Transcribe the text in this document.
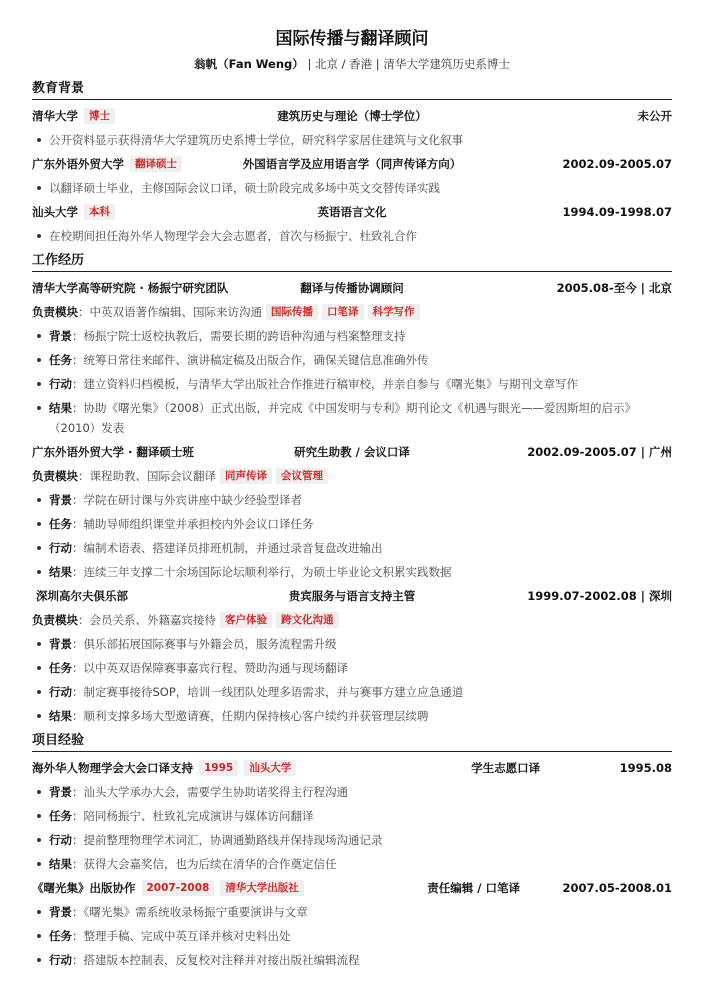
国际传播与翻译顾问
翁帆（Fan Weng） | 北京 / 香港 | 清华大学建筑历史系博士
教育背景
清华大学 博士	建筑历史与理论（博士学位）	未公开
公开资料显示获得清华大学建筑历史系博士学位，研究科学家居住建筑与文化叙事
广东外语外贸大学 翻译硕士	外国语言学及应用语言学（同声传译方向）	2002.09-2005.07
以翻译硕士毕业，主修国际会议口译，硕士阶段完成多场中英文交替传译实践
汕头大学 本科	英语语言文化	1994.09-1998.07
在校期间担任海外华人物理学会大会志愿者，首次与杨振宁、杜致礼合作
工作经历
清华大学高等研究院 · 杨振宁研究团队	翻译与传播协调顾问	2005.08-至今 | 北京
负责模块：中英双语著作编辑、国际来访沟通 国际传播 口笔译 科学写作
背景：杨振宁院士返校执教后，需要长期的跨语种沟通与档案整理支持
任务：统筹日常往来邮件、演讲稿定稿及出版合作，确保关键信息准确外传
行动：建立资料归档模板，与清华大学出版社合作推进行稿审校，并亲自参与《曙光集》与期刊文章写作
结果：协助《曙光集》（2008）正式出版，并完成《中国发明与专利》期刊论文《机遇与眼光——爱因斯坦的启示》（2010）发表
广东外语外贸大学 · 翻译硕士班	研究生助教 / 会议口译	2002.09-2005.07 | 广州
负责模块：课程助教、国际会议翻译 同声传译 会议管理
背景：学院在研讨课与外宾讲座中缺少经验型译者
任务：辅助导师组织课堂并承担校内外会议口译任务
行动：编制术语表、搭建译员排班机制，并通过录音复盘改进输出
结果：连续三年支撑二十余场国际论坛顺利举行，为硕士毕业论文积累实践数据
深圳高尔夫俱乐部	贵宾服务与语言支持主管	1999.07-2002.08 | 深圳
负责模块：会员关系、外籍嘉宾接待 客户体验 跨文化沟通
背景：俱乐部拓展国际赛事与外籍会员，服务流程需升级
任务：以中英双语保障赛事嘉宾行程、赞助沟通与现场翻译
行动：制定赛事接待SOP，培训一线团队处理多语需求，并与赛事方建立应急通道
结果：顺利支撑多场大型邀请赛，任期内保持核心客户续约并获管理层续聘
项目经验
海外华人物理学会大会口译支持 1995 汕头大学	学生志愿口译	1995.08
背景：汕头大学承办大会，需要学生协助诺奖得主行程沟通
任务：陪同杨振宁、杜致礼完成演讲与媒体访问翻译
行动：提前整理物理学术词汇，协调通勤路线并保持现场沟通记录
结果：获得大会嘉奖信，也为后续在清华的合作奠定信任
《曙光集》出版协作 2007-2008 清华大学出版社	责任编辑 / 口笔译	2007.05-2008.01
背景：《曙光集》需系统收录杨振宁重要演讲与文章
任务：整理手稿、完成中英互译并核对史料出处
行动：搭建版本控制表，反复校对注释并对接出版社编辑流程
